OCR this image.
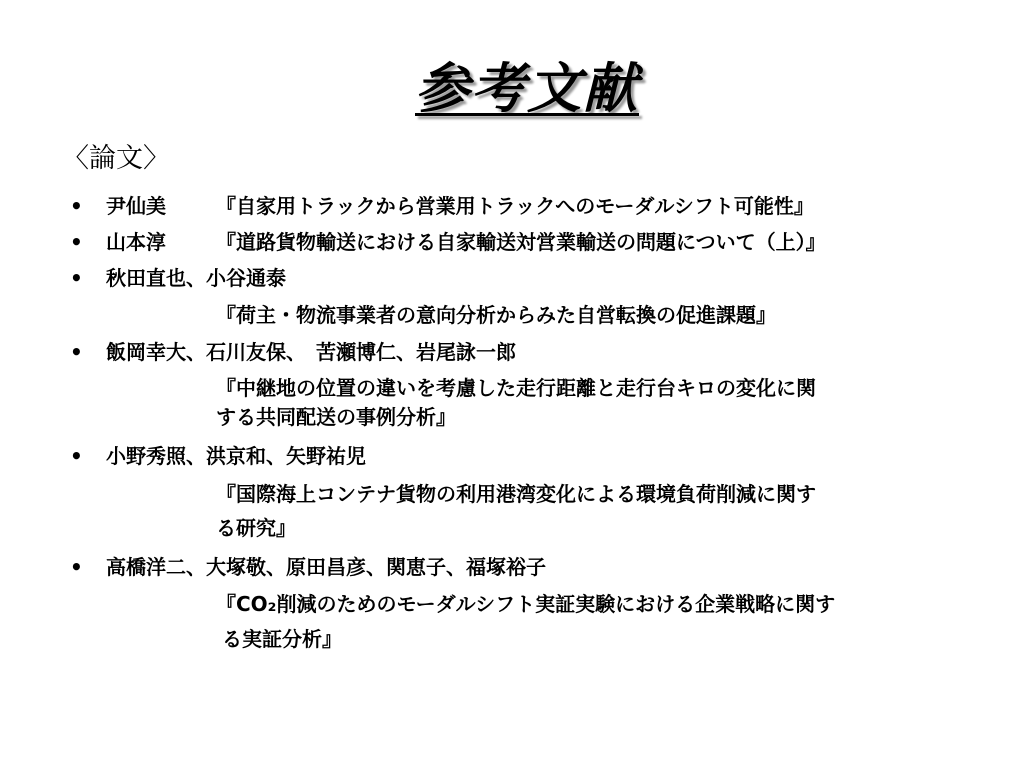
参考文献
〈論文〉
• 尹仙美	『自家用トラックから営業用トラックへのモーダルシフト可能性』
• 山本淳	『道路貨物輸送における自家輸送対営業輸送の問題について（上）』
• 秋田直也、小谷通泰
『荷主・物流事業者の意向分析からみた自営転換の促進課題』
• 飯岡幸大、石川友保、　苦瀬博仁、岩尾詠一郎
『中継地の位置の違いを考慮した走行距離と走行台キロの変化に関
する共同配送の事例分析』
• 小野秀照、洪京和、矢野祐児
『国際海上コンテナ貨物の利用港湾変化による環境負荷削減に関す
る研究』
• 高橋洋二、大塚敬、原田昌彦、関恵子、福塚裕子
『CO₂削減のためのモーダルシフト実証実験における企業戦略に関す
る実証分析』
